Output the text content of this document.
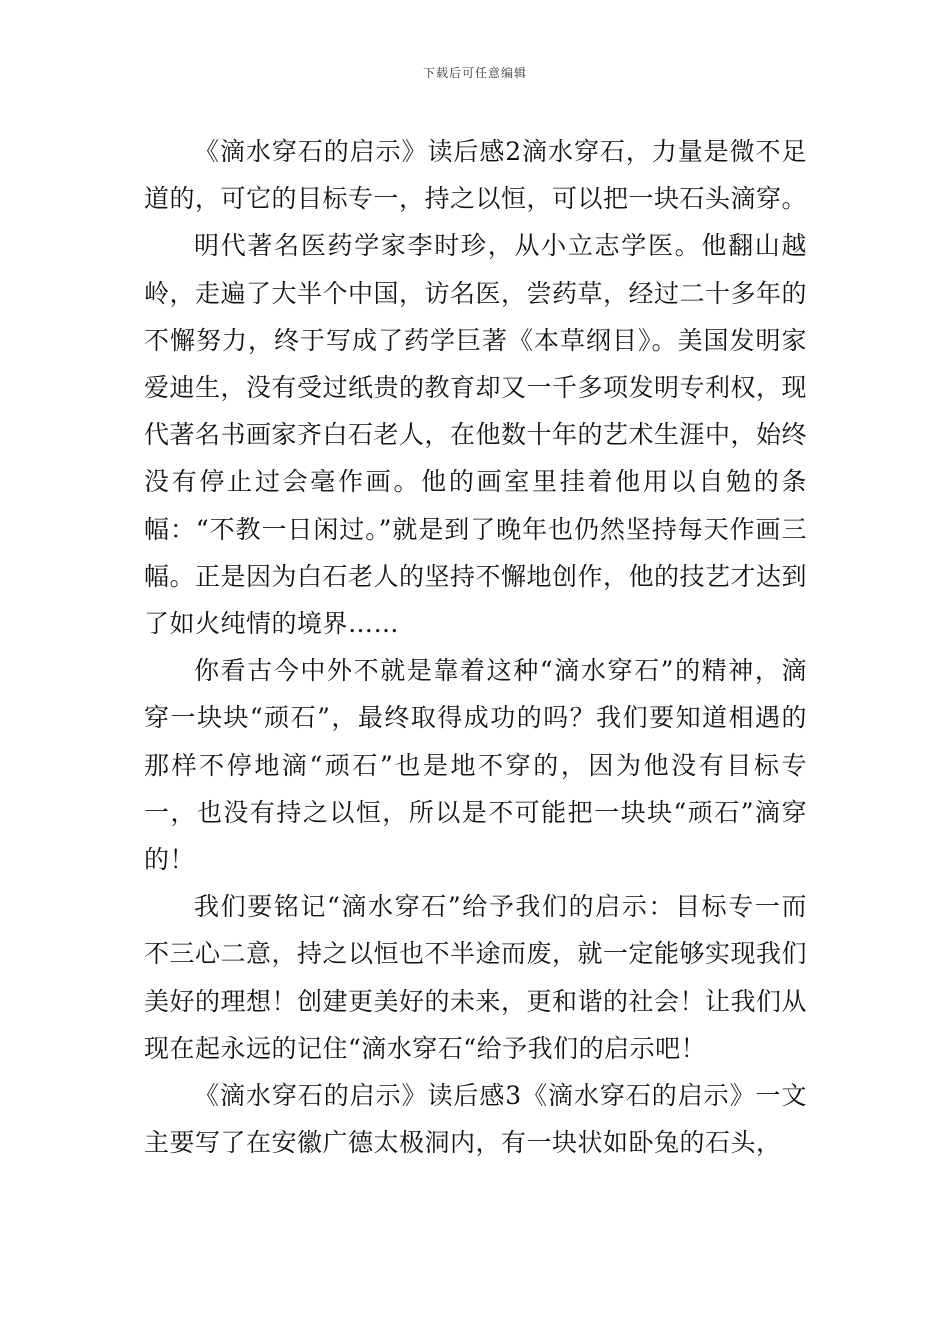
下载后可任意编辑

《滴水穿石的启示》读后感2滴水穿石，力量是微不足道的，可它的目标专一，持之以恒，可以把一块石头滴穿。

明代著名医药学家李时珍，从小立志学医。他翻山越岭，走遍了大半个中国，访名医，尝药草，经过二十多年的不懈努力，终于写成了药学巨著《本草纲目》。美国发明家爱迪生，没有受过纸贵的教育却又一千多项发明专利权，现代著名书画家齐白石老人，在他数十年的艺术生涯中，始终没有停止过会毫作画。他的画室里挂着他用以自勉的条幅：“不教一日闲过。”就是到了晚年也仍然坚持每天作画三幅。正是因为白石老人的坚持不懈地创作，他的技艺才达到了如火纯情的境界……

你看古今中外不就是靠着这种“滴水穿石”的精神，滴穿一块块“顽石”，最终取得成功的吗？我们要知道相遇的那样不停地滴“顽石”也是地不穿的，因为他没有目标专一，也没有持之以恒，所以是不可能把一块块“顽石”滴穿的！

我们要铭记“滴水穿石”给予我们的启示：目标专一而不三心二意，持之以恒也不半途而废，就一定能够实现我们美好的理想！创建更美好的未来，更和谐的社会！让我们从现在起永远的记住“滴水穿石“给予我们的启示吧！

《滴水穿石的启示》读后感3《滴水穿石的启示》一文主要写了在安徽广德太极洞内，有一块状如卧兔的石头，
